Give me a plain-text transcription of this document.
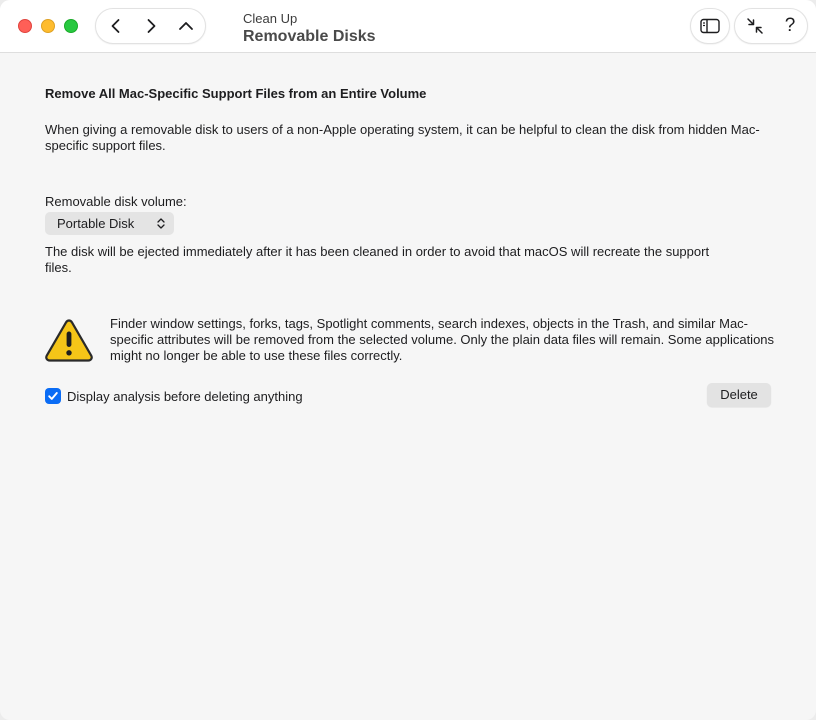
Clean Up
Removable Disks
?
Remove All Mac-Specific Support Files from an Entire Volume
When giving a removable disk to users of a non-Apple operating system, it can be helpful to clean the disk from hidden Mac-specific support files.
Removable disk volume:
Portable Disk
The disk will be ejected immediately after it has been cleaned in order to avoid that macOS will recreate the support files.
Finder window settings, forks, tags, Spotlight comments, search indexes, objects in the Trash, and similar Mac-specific attributes will be removed from the selected volume. Only the plain data files will remain. Some applications might no longer be able to use these files correctly.
Display analysis before deleting anything	Delete
